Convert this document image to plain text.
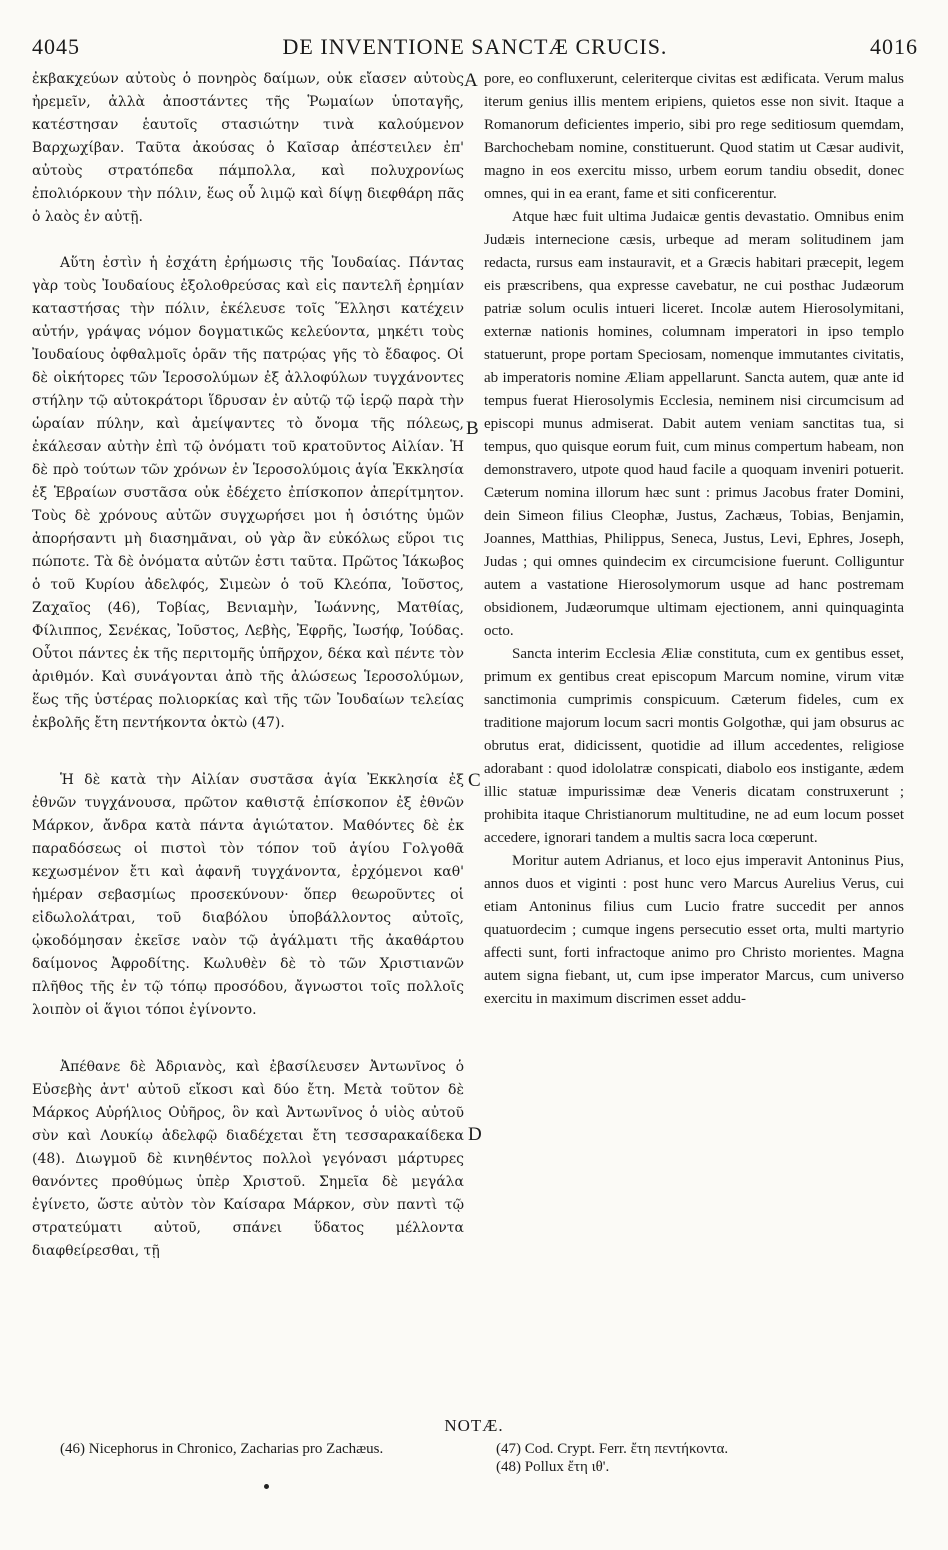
DE INVENTIONE SANCTÆ CRUCIS.
4045	4016

ἐκβακχεύων αὐτοὺς ὁ πονηρὸς δαίμων, οὐκ εἴασεν αὐτοὺς ἠρεμεῖν, ἀλλὰ ἀποστάντες τῆς Ῥωμαίων ὑποταγῆς, κατέστησαν ἑαυτοῖς στασιώτην τινὰ καλούμενον Βαρχωχίβαν. Ταῦτα ἀκούσας ὁ Καῖσαρ ἀπέστειλεν ἐπ' αὐτοὺς στρατόπεδα πάμπολλα, καὶ πολυχρονίως ἐπολιόρκουν τὴν πόλιν, ἕως οὗ λιμῷ καὶ δίψῃ διεφθάρη πᾶς ὁ λαὸς ἐν αὐτῇ.

Αὕτη ἐστὶν ἡ ἐσχάτη ἐρήμωσις τῆς Ἰουδαίας. Πάντας γὰρ τοὺς Ἰουδαίους ἐξολοθρεύσας καὶ εἰς παντελῆ ἐρημίαν καταστήσας τὴν πόλιν, ἐκέλευσε τοῖς Ἕλλησι κατέχειν αὐτήν, γράψας νόμον δογματικῶς κελεύοντα, μηκέτι τοὺς Ἰουδαίους ὀφθαλμοῖς ὁρᾶν τῆς πατρῴας γῆς τὸ ἔδαφος. Οἱ δὲ οἰκήτορες τῶν Ἱεροσολύμων ἐξ ἀλλοφύλων τυγχάνοντες στήλην τῷ αὐτοκράτορι ἵδρυσαν ἐν αὐτῷ τῷ ἱερῷ παρὰ τὴν ὡραίαν πύλην, καὶ ἀμείψαντες τὸ ὄνομα τῆς πόλεως, ἐκάλεσαν αὐτὴν ἐπὶ τῷ ὀνόματι τοῦ κρατοῦντος Αἰλίαν. Ἡ δὲ πρὸ τούτων τῶν χρόνων ἐν Ἱεροσολύμοις ἁγία Ἐκκλησία ἐξ Ἑβραίων συστᾶσα οὐκ ἐδέχετο ἐπίσκοπον ἀπερίτμητον. Τοὺς δὲ χρόνους αὐτῶν συγχωρήσει μοι ἡ ὁσιότης ὑμῶν ἀπορήσαντι μὴ διασημᾶναι, οὐ γὰρ ἂν εὐκόλως εὕροι τις πώποτε. Τὰ δὲ ὀνόματα αὐτῶν ἐστι ταῦτα. Πρῶτος Ἰάκωβος ὁ τοῦ Κυρίου ἀδελφός, Σιμεὼν ὁ τοῦ Κλεόπα, Ἰοῦστος, Ζαχαῖος (46), Τοβίας, Βενιαμὴν, Ἰωάννης, Ματθίας, Φίλιππος, Σενέκας, Ἰοῦστος, Λεβὴς, Ἐφρῆς, Ἰωσήφ, Ἰούδας. Οὗτοι πάντες ἐκ τῆς περιτομῆς ὑπῆρχον, δέκα καὶ πέντε τὸν ἀριθμόν. Καὶ συνάγονται ἀπὸ τῆς ἁλώσεως Ἱεροσολύμων, ἕως τῆς ὑστέρας πολιορκίας καὶ τῆς τῶν Ἰουδαίων τελείας ἐκβολῆς ἔτη πεντήκοντα ὀκτὼ (47).

Ἡ δὲ κατὰ τὴν Αἰλίαν συστᾶσα ἁγία Ἐκκλησία ἐξ ἐθνῶν τυγχάνουσα, πρῶτον καθιστᾷ ἐπίσκοπον ἐξ ἐθνῶν Μάρκον, ἄνδρα κατὰ πάντα ἁγιώτατον. Μαθόντες δὲ ἐκ παραδόσεως οἱ πιστοὶ τὸν τόπον τοῦ ἁγίου Γολγοθᾶ κεχωσμένον ἔτι καὶ ἀφανῆ τυγχάνοντα, ἐρχόμενοι καθ' ἡμέραν σεβασμίως προσεκύνουν· ὅπερ θεωροῦντες οἱ εἰδωλολάτραι, τοῦ διαβόλου ὑποβάλλοντος αὐτοῖς, ᾠκοδόμησαν ἐκεῖσε ναὸν τῷ ἀγάλματι τῆς ἀκαθάρτου δαίμονος Ἀφροδίτης. Κωλυθὲν δὲ τὸ τῶν Χριστιανῶν πλῆθος τῆς ἐν τῷ τόπῳ προσόδου, ἄγνωστοι τοῖς πολλοῖς λοιπὸν οἱ ἅγιοι τόποι ἐγίνοντο.

Ἀπέθανε δὲ Ἀδριανὸς, καὶ ἐβασίλευσεν Ἀντωνῖνος ὁ Εὐσεβὴς ἀντ' αὐτοῦ εἴκοσι καὶ δύο ἔτη. Μετὰ τοῦτον δὲ Μάρκος Αὐρήλιος Οὐῆρος, ὃν καὶ Ἀντωνῖνος ὁ υἱὸς αὐτοῦ σὺν καὶ Λουκίῳ ἀδελφῷ διαδέχεται ἔτη τεσσαρακαίδεκα (48). Διωγμοῦ δὲ κινηθέντος πολλοὶ γεγόνασι μάρτυρες θανόντες προθύμως ὑπὲρ Χριστοῦ. Σημεῖα δὲ μεγάλα ἐγίνετο, ὥστε αὐτὸν τὸν Καίσαρα Μάρκον, σὺν παντὶ τῷ στρατεύματι αὐτοῦ, σπάνει ὕδατος μέλλοντα διαφθείρεσθαι, τῇ

pore, eo confluxerunt, celeriterque civitas est ædificata. Verum malus iterum genius illis mentem eripiens, quietos esse non sivit. Itaque a Romanorum deficientes imperio, sibi pro rege seditiosum quemdam, Barchochebam nomine, constituerunt. Quod statim ut Cæsar audivit, magno in eos exercitu misso, urbem eorum tandiu obsedit, donec omnes, qui in ea erant, fame et siti conficerentur.

Atque hæc fuit ultima Judaicæ gentis devastatio. Omnibus enim Judæis internecione cæsis, urbeque ad meram solitudinem jam redacta, rursus eam instauravit, et a Græcis habitari præcepit, legem eis præscribens, qua expresse cavebatur, ne cui posthac Judæorum patriæ solum oculis intueri liceret. Incolæ autem Hierosolymitani, externæ nationis homines, columnam imperatori in ipso templo statuerunt, prope portam Speciosam, nomenque immutantes civitatis, ab imperatoris nomine Æliam appellarunt. Sancta autem, quæ ante id tempus fuerat Hierosolymis Ecclesia, neminem nisi circumcisum ad episcopi munus admiserat. Dabit autem veniam sanctitas tua, si tempus, quo quisque eorum fuit, cum minus compertum habeam, non demonstravero, utpote quod haud facile a quoquam inveniri potuerit. Cæterum nomina illorum hæc sunt : primus Jacobus frater Domini, dein Simeon filius Cleophæ, Justus, Zachæus, Tobias, Benjamin, Joannes, Matthias, Philippus, Seneca, Justus, Levi, Ephres, Joseph, Judas ; qui omnes quindecim ex circumcisione fuerunt. Colliguntur autem a vastatione Hierosolymorum usque ad hanc postremam obsidionem, Judæorumque ultimam ejectionem, anni quinquaginta octo.

Sancta interim Ecclesia Æliæ constituta, cum ex gentibus esset, primum ex gentibus creat episcopum Marcum nomine, virum vitæ sanctimonia cumprimis conspicuum. Cæterum fideles, cum ex traditione majorum locum sacri montis Golgothæ, qui jam obsurus ac obrutus erat, didicissent, quotidie ad illum accedentes, religiose adorabant : quod idololatræ conspicati, diabolo eos instigante, ædem illic statuæ impurissimæ deæ Veneris dicatam construxerunt ; prohibita itaque Christianorum multitudine, ne ad eum locum posset accedere, ignorari tandem a multis sacra loca cœperunt.

Moritur autem Adrianus, et loco ejus imperavit Antoninus Pius, annos duos et viginti : post hunc vero Marcus Aurelius Verus, cui etiam Antoninus filius cum Lucio fratre succedit per annos quatuordecim ; cumque ingens persecutio esset orta, multi martyrio affecti sunt, forti infractoque animo pro Christo morientes. Magna autem signa fiebant, ut, cum ipse imperator Marcus, cum universo exercitu in maximum discrimen esset addu-

A
B
C
D
NOTÆ.

(46) Nicephorus in Chronico, Zacharias pro Zachæus.	(47) Cod. Crypt. Ferr. ἔτη πεντήκοντα.

(48) Pollux ἔτη ιθ'.
